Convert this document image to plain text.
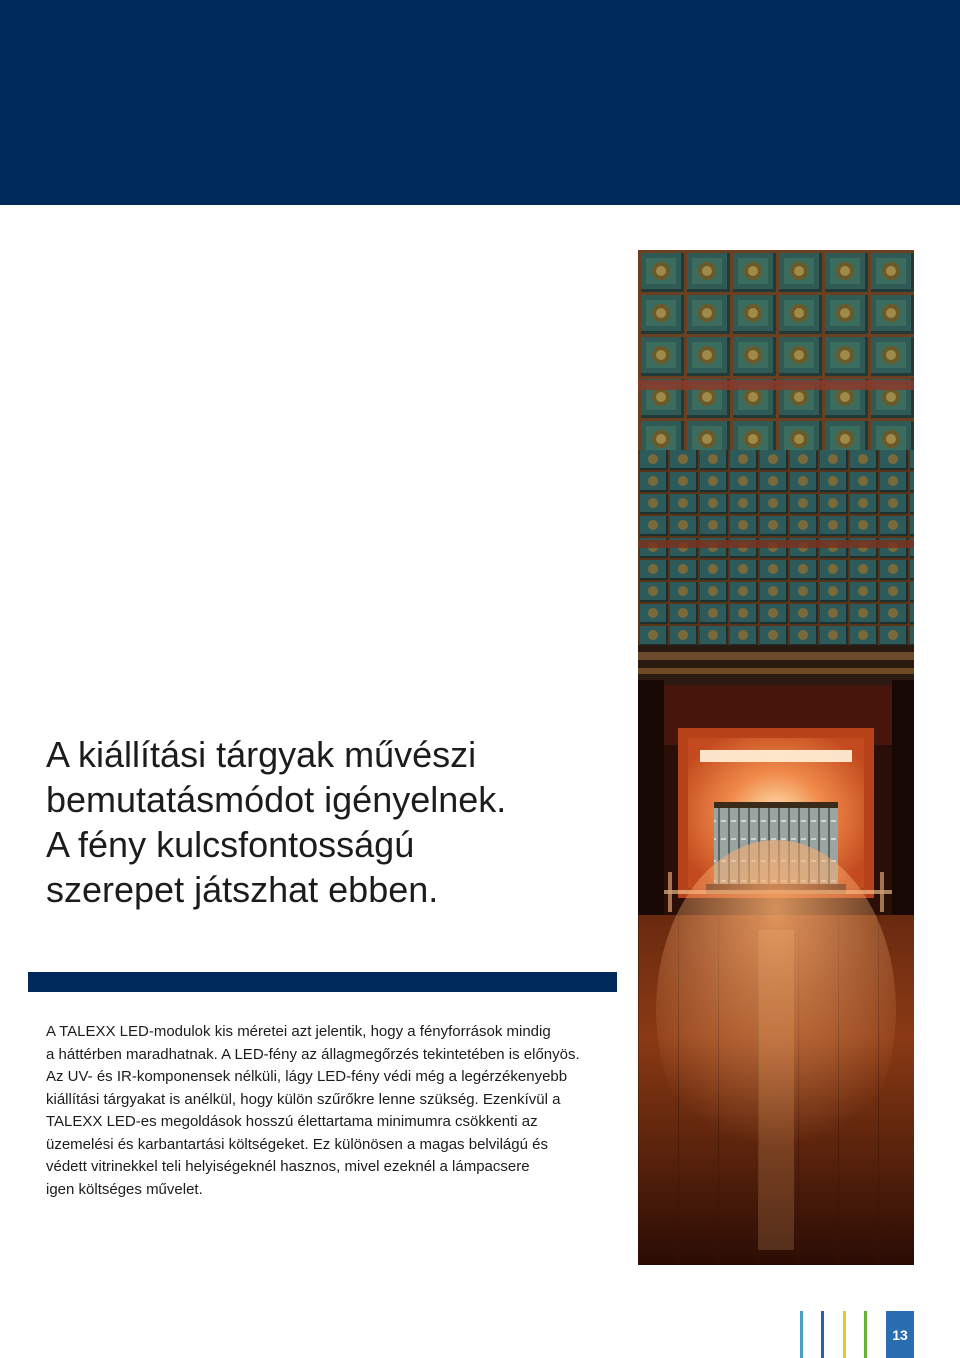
A kiállítási tárgyak művészi
bemutatásmódot igényelnek.
A fény kulcsfontosságú
szerepet játszhat ebben.
A TALEXX LED-modulok kis méretei azt jelentik, hogy a fényforrások mindig
a háttérben maradhatnak. A LED-fény az állagmegőrzés tekintetében is előnyös.
Az UV- és IR-komponensek nélküli, lágy LED-fény védi még a legérzékenyebb
kiállítási tárgyakat is anélkül, hogy külön szűrőkre lenne szükség. Ezenkívül a
TALEXX LED-es megoldások hosszú élettartama minimumra csökkenti az
üzemelési és karbantartási költségeket. Ez különösen a magas belvilágú és
védett vitrinekkel teli helyiségeknél hasznos, mivel ezeknél a lámpacsere
igen költséges művelet.
13
